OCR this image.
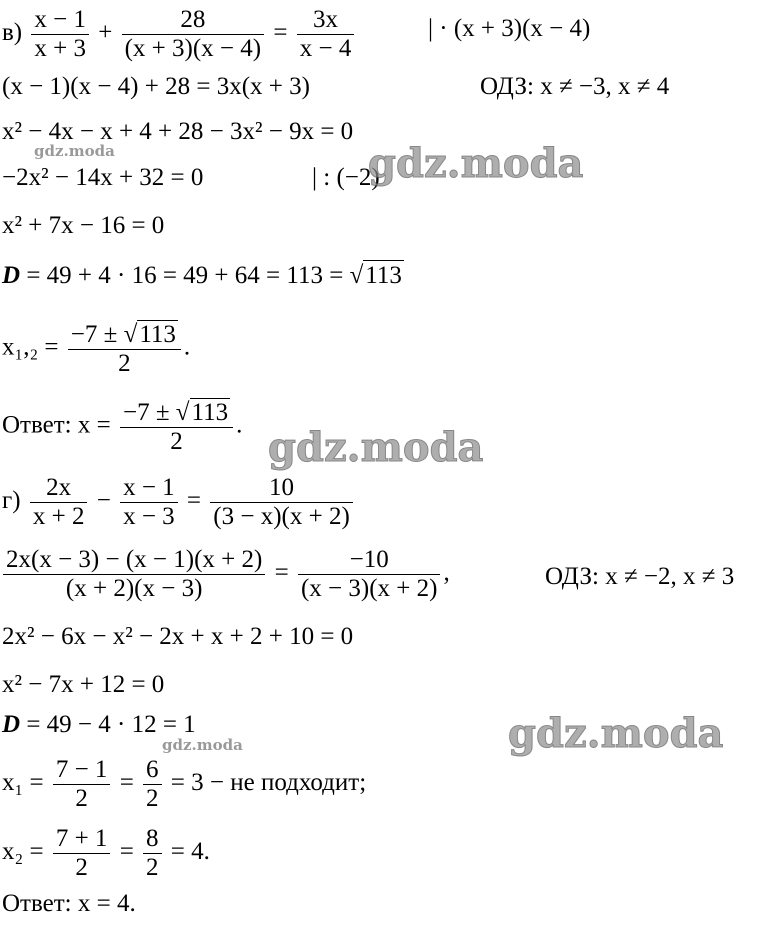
$в) \frac{x - 1}{x + 3} + \frac{28}{(x + 3)(x - 4)} = \frac{3x}{x - 4}$	| · (x + 3)(x − 4)
(x − 1)(x − 4) + 28 = 3x(x + 3)	ОДЗ: x ≠ −3, x ≠ 4
x² − 4x − x + 4 + 28 − 3x² − 9x = 0
−2x² − 14x + 32 = 0	| : (−2)
x² + 7x − 16 = 0
D = 49 + 4 · 16 = 49 + 64 = 113 = √113
$x_1,_2 = \frac{-7 \pm √113}{2}$ .
Ответ: $x = \frac{-7 \pm √113}{2}$ .
$г) \frac{2x}{x + 2} - \frac{x - 1}{x - 3} = \frac{10}{(3 - x)(x + 2)}$
$\frac{2x(x - 3) - (x - 1)(x + 2)}{(x + 2)(x - 3)} = \frac{-10}{(x - 3)(x + 2)}$ ,	ОДЗ: x ≠ −2, x ≠ 3
2x² − 6x − x² − 2x + x + 2 + 10 = 0
x² − 7x + 12 = 0
D = 49 − 4 · 12 = 1
$x_1 = \frac{7 - 1}{2} = \frac{6}{2} = 3$ − не подходит;
$x_2 = \frac{7 + 1}{2} = \frac{8}{2} = 4$.
Ответ: x = 4.
gdz.moda
gdz.moda
gdz.moda
gdz.moda
gdz.moda
